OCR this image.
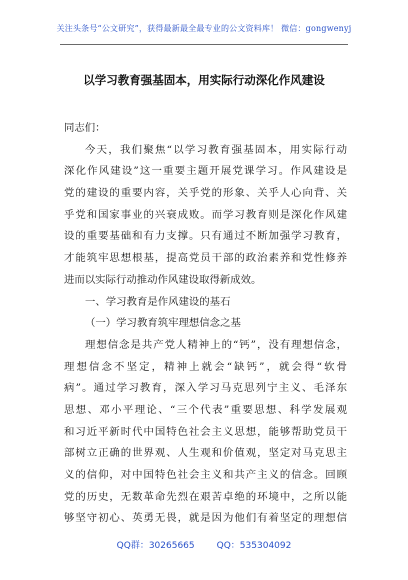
关注头条号“公文研究”，获得最新最全最专业的公文资料库！ 微信：gongwenyj
以学习教育强基固本，用实际行动深化作风建设
同志们：
今天，我们聚焦“以学习教育强基固本，用实际行动
深化作风建设”这一重要主题开展党课学习。作风建设是
党的建设的重要内容，关乎党的形象、关乎人心向背、关
乎党和国家事业的兴衰成败。而学习教育则是深化作风建
设的重要基础和有力支撑。只有通过不断加强学习教育，
才能筑牢思想根基，提高党员干部的政治素养和党性修养
进而以实际行动推动作风建设取得新成效。
一、学习教育是作风建设的基石
（一）学习教育筑牢理想信念之基
理想信念是共产党人精神上的“钙”，没有理想信念，
理想信念不坚定，精神上就会“缺钙”，就会得“软骨
病”。通过学习教育，深入学习马克思列宁主义、毛泽东
思想、邓小平理论、“三个代表”重要思想、科学发展观
和习近平新时代中国特色社会主义思想，能够帮助党员干
部树立正确的世界观、人生观和价值观，坚定对马克思主
义的信仰，对中国特色社会主义和共产主义的信念。回顾
党的历史，无数革命先烈在艰苦卓绝的环境中，之所以能
够坚守初心、英勇无畏，就是因为他们有着坚定的理想信
QQ群：30265665 QQ：535304092
